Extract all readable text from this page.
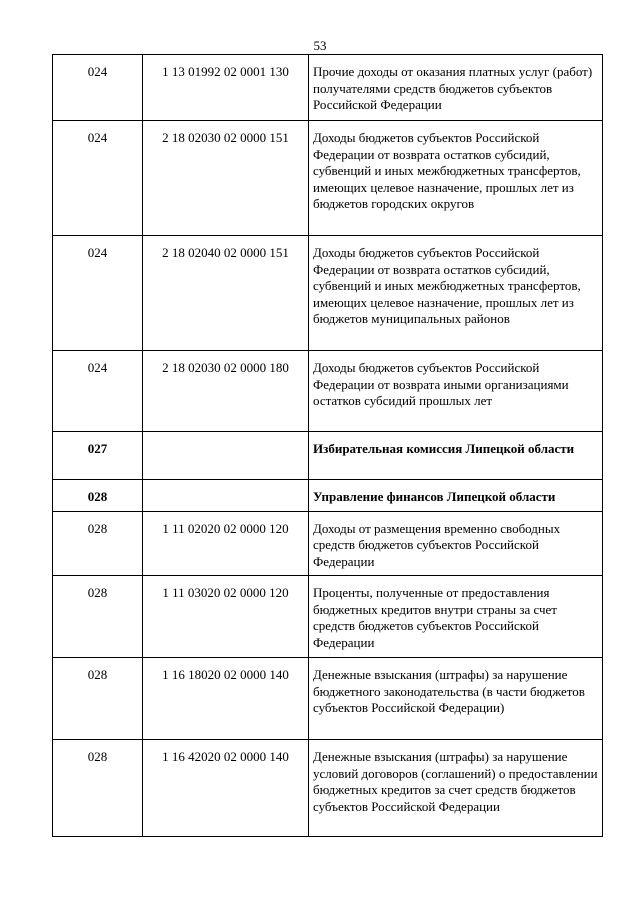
53
024	1 13 01992 02 0001 130	Прочие доходы от оказания платных услуг (работ) получателями средств бюджетов субъектов Российской Федерации
024	2 18 02030 02 0000 151	Доходы бюджетов субъектов Российской Федерации от возврата остатков субсидий, субвенций и иных межбюджетных трансфертов, имеющих целевое назначение, прошлых лет из бюджетов городских округов
024	2 18 02040 02 0000 151	Доходы бюджетов субъектов Российской Федерации от возврата остатков субсидий, субвенций и иных межбюджетных трансфертов, имеющих целевое назначение, прошлых лет из бюджетов муниципальных районов
024	2 18 02030 02 0000 180	Доходы бюджетов субъектов Российской Федерации от возврата иными организациями остатков субсидий прошлых лет
027		Избирательная комиссия Липецкой области
028		Управление финансов Липецкой области
028	1 11 02020 02 0000 120	Доходы от размещения временно свободных средств бюджетов субъектов Российской Федерации
028	1 11 03020 02 0000 120	Проценты, полученные от предоставления бюджетных кредитов внутри страны за счет средств бюджетов субъектов Российской Федерации
028	1 16 18020 02 0000 140	Денежные взыскания (штрафы) за нарушение бюджетного законодательства (в части бюджетов субъектов Российской Федерации)
028	1 16 42020 02 0000 140	Денежные взыскания (штрафы) за нарушение условий договоров (соглашений) о предоставлении бюджетных кредитов за счет средств бюджетов субъектов Российской Федерации
